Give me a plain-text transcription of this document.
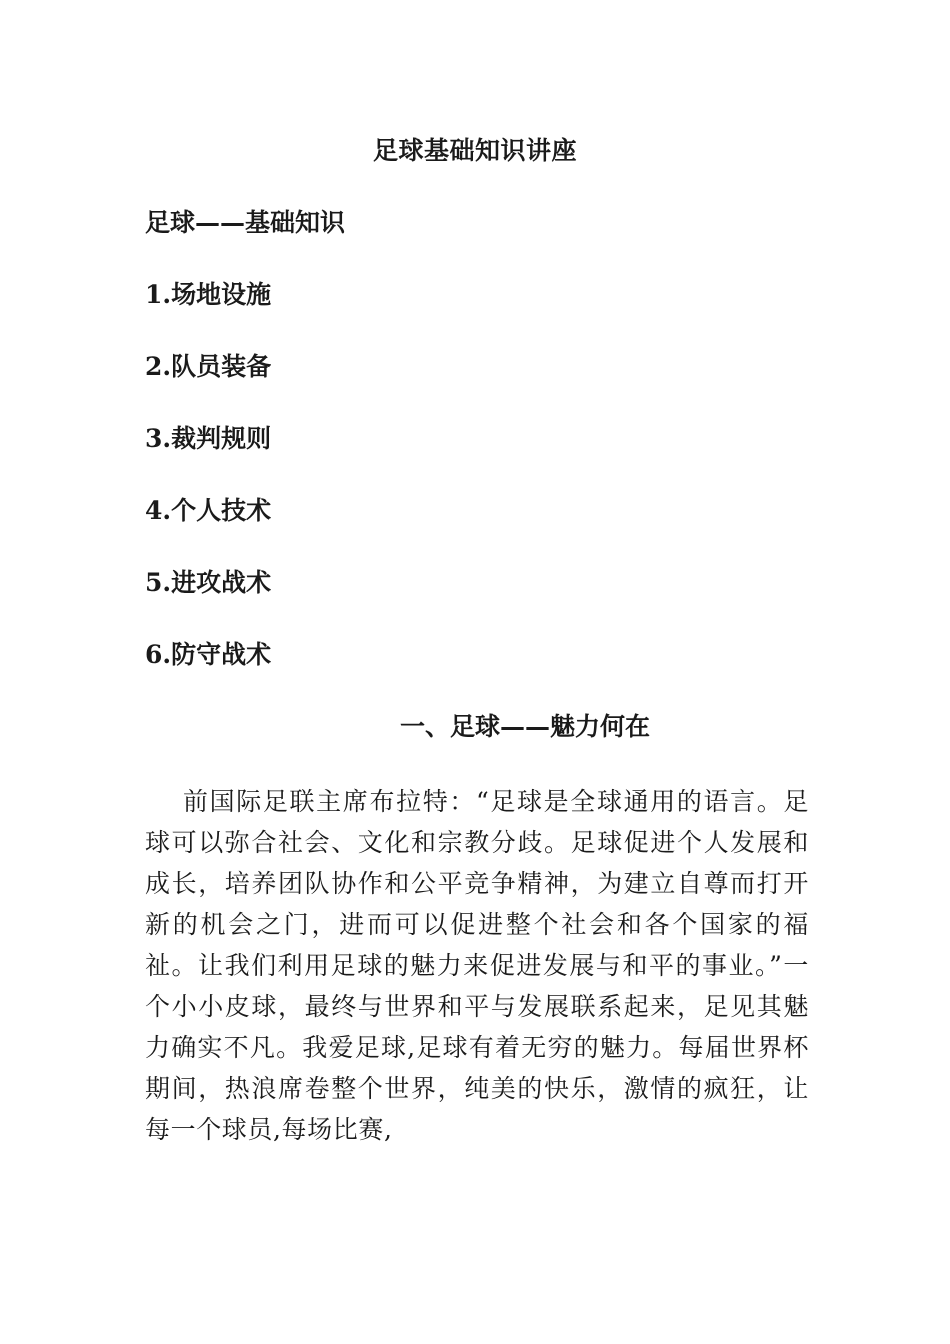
足球基础知识讲座
足球——基础知识
1.场地设施
2.队员装备
3.裁判规则
4.个人技术
5.进攻战术
6.防守战术
一、足球——魅力何在

前国际足联主席布拉特：“足球是全球通用的语言。足球可以弥合社会、文化和宗教分歧。足球促进个人发展和成长，培养团队协作和公平竞争精神，为建立自尊而打开新的机会之门，进而可以促进整个社会和各个国家的福祉。让我们利用足球的魅力来促进发展与和平的事业。”一个小小皮球，最终与世界和平与发展联系起来，足见其魅力确实不凡。我爱足球,足球有着无穷的魅力。每届世界杯期间，热浪席卷整个世界，纯美的快乐，激情的疯狂，让每一个球员,每场比赛,
